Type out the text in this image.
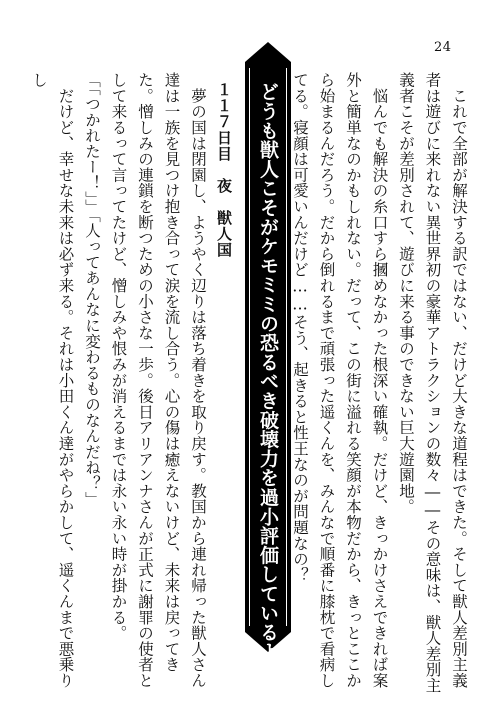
24

　これで全部が解決する訳ではない、だけど大きな道程はできた。そして獣人差別主義者は遊びに来れない異世界初の豪華アトラクションの数々――その意味は、獣人差別主義者こそが差別されて、遊びに来る事のできない巨大遊園地。

　悩んでも解決の糸口すら摑めなかった根深い確執。だけど、きっかけさえできれば案外と簡単なのかもしれない。だって、この街に溢れる笑顔が本物だから、きっとここから始まるんだろう。だから倒れるまで頑張った遥くんを、みんなで順番に膝枕で看病してる。寝顔は可愛いんだけど……そう、起きると性王なのが問題なの？

どうも獣人こそがケモミミの恐るべき破壊力を過小評価しているようだ？
１１７日目　夜　獣人国

　夢の国は閉園し、ようやく辺りは落ち着きを取り戻す。教国から連れ帰った獣人さん達は一族を見つけ抱き合って涙を流し合う。心の傷は癒えないけど、未来は戻ってきた。憎しみの連鎖を断つための小さな一歩。後日アリアンナさんが正式に謝罪の使者として来るって言ってたけど、憎しみや恨みが消えるまでは永い永い時が掛かる。

「「つかれたー！」」「人ってあんなに変わるものなんだね？」

　だけど、幸せな未来は必ず来る。それは小田くん達がやらかして、遥くんまで悪乗りし
